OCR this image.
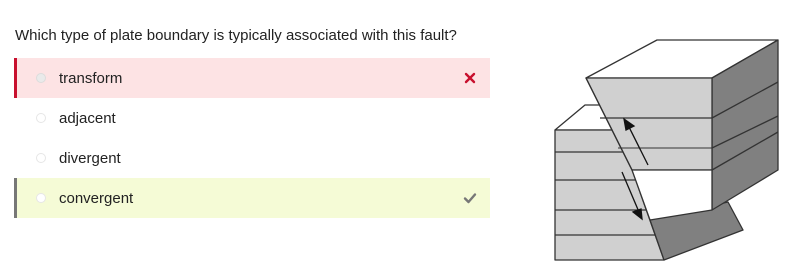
Which type of plate boundary is typically associated with this fault?
transform
adjacent
divergent
convergent
